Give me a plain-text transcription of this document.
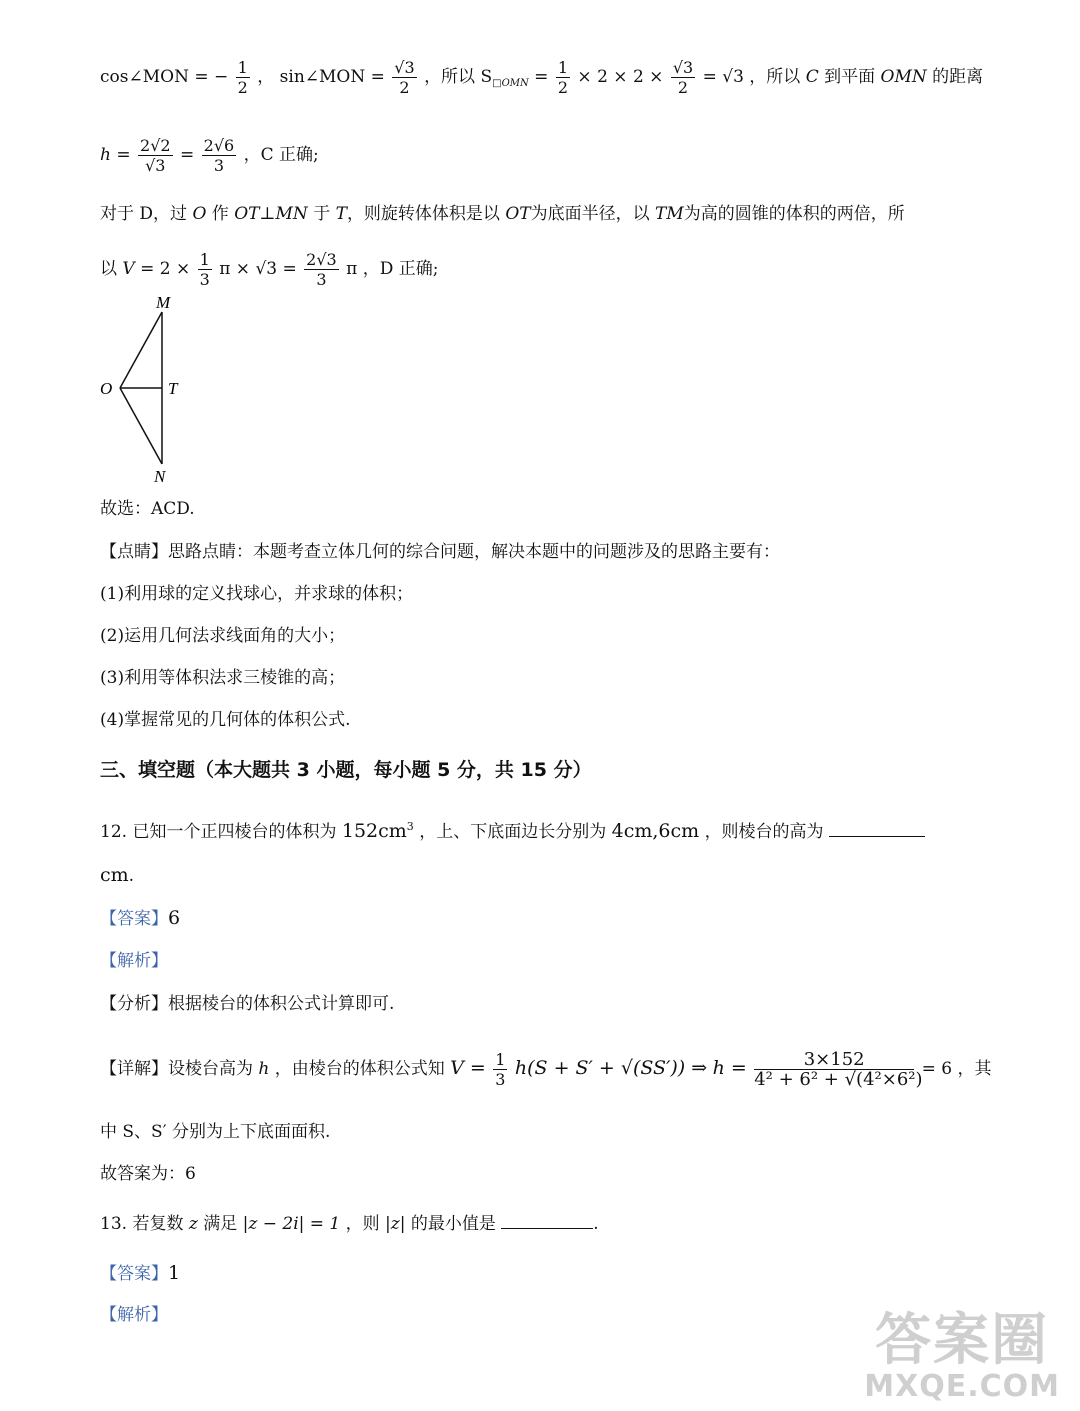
cos∠MON = − $\frac{1}{2}$ ， sin∠MON = $\frac{√3}{2}$ ，所以 $S_{□OMN} = \frac{1}{2} \times 2 \times 2 \times \frac{√3}{2} = √3$ ，所以 C 到平面 OMN 的距离
$h = \frac{2√2}{√3} = \frac{2√6}{3}$ ，C 正确;
对于 D，过 O 作 OT⊥MN 于 T，则旋转体体积是以 OT为底面半径，以 TM为高的圆锥的体积的两倍，所
以 $V = 2 \times \frac{1}{3}$ $\pi \times √3 = \frac{2√3}{3}$ π ，D 正确;
M
O	T
N
故选：ACD.
【点睛】思路点睛：本题考查立体几何的综合问题，解决本题中的问题涉及的思路主要有：
(1)利用球的定义找球心，并求球的体积；
(2)运用几何法求线面角的大小；
(3)利用等体积法求三棱锥的高；
(4)掌握常见的几何体的体积公式.
三、填空题（本大题共 3 小题，每小题 5 分，共 15 分）
12. 已知一个正四棱台的体积为 $152cm^3$ ，上、下底面边长分别为 4cm,6cm ，则棱台的高为
cm.
【答案】6
【解析】
【分析】根据棱台的体积公式计算即可.
【详解】设棱台高为 h ，由棱台的体积公式知 $V = \frac{1}{3} h(S + S' + √(SS'))$ ⇒ $h = \frac{3\times 152}{\text{4² + 6² + √(4²×6²)}} = 6$ ，其
中 S、S′ 分别为上下底面面积.
故答案为：6
13. 若复数 z 满足 |z − 2i| = 1 ，则 |z| 的最小值是	.
【答案】1
【解析】	答案圈
MXQE.COM
